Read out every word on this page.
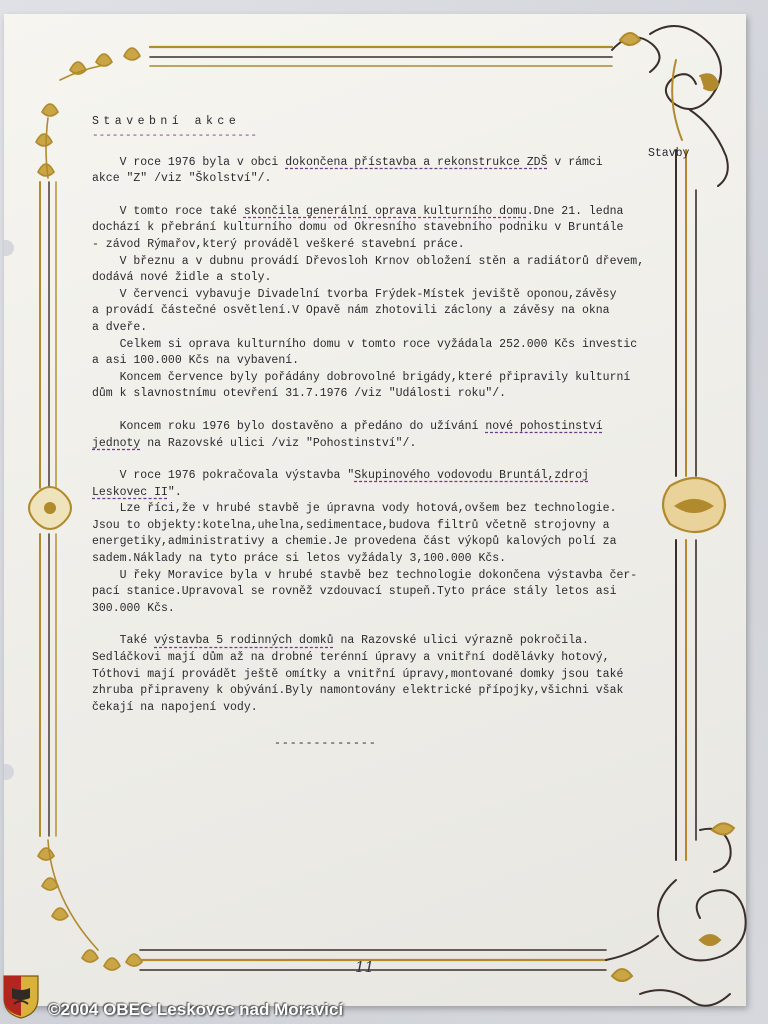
Stavby
Stavební akce
-------------------------
V roce 1976 byla v obci dokončena přístavba a rekonstrukce ZDŠ v rámci
akce "Z" /viz "Školství"/.
V tomto roce také skončila generální oprava kulturního domu.Dne 21. ledna
dochází k přebrání kulturního domu od Okresního stavebního podniku v Bruntále
- závod Rýmařov,který prováděl veškeré stavební práce.
V březnu a v dubnu provádí Dřevosloh Krnov obložení stěn a radiátorů dřevem,
dodává nové židle a stoly.
V červenci vybavuje Divadelní tvorba Frýdek-Místek jeviště oponou,závěsy
a provádí částečné osvětlení.V Opavě nám zhotovili záclony a závěsy na okna
a dveře.
Celkem si oprava kulturního domu v tomto roce vyžádala 252.000 Kčs investic
a asi 100.000 Kčs na vybavení.
Koncem července byly pořádány dobrovolné brigády,které připravily kulturní
dům k slavnostnímu otevření 31.7.1976 /viz "Události roku"/.
Koncem roku 1976 bylo dostavěno a předáno do užívání nové pohostinství
jednoty na Razovské ulici /viz "Pohostinství"/.
V roce 1976 pokračovala výstavba "Skupinového vodovodu Bruntál,zdroj
Leskovec II".
Lze říci,že v hrubé stavbě je úpravna vody hotová,ovšem bez technologie.
Jsou to objekty:kotelna,uhelna,sedimentace,budova filtrů včetně strojovny a
energetiky,administrativy a chemie.Je provedena část výkopů kalových polí za
sadem.Náklady na tyto práce si letos vyžádaly 3,100.000 Kčs.
U řeky Moravice byla v hrubé stavbě bez technologie dokončena výstavba čer-
pací stanice.Upravoval se rovněž vzdouvací stupeň.Tyto práce stály letos asi
300.000 Kčs.
Také výstavba 5 rodinných domků na Razovské ulici výrazně pokročila.
Sedláčkovi mají dům až na drobné terénní úpravy a vnitřní dodělávky hotový,
Tóthovi mají provádět ještě omítky a vnitřní úpravy,montované domky jsou také
zhruba připraveny k obývání.Byly namontovány elektrické přípojky,všichni však
čekají na napojení vody.
-------------
11
©2004 OBEC Leskovec nad Moravicí
